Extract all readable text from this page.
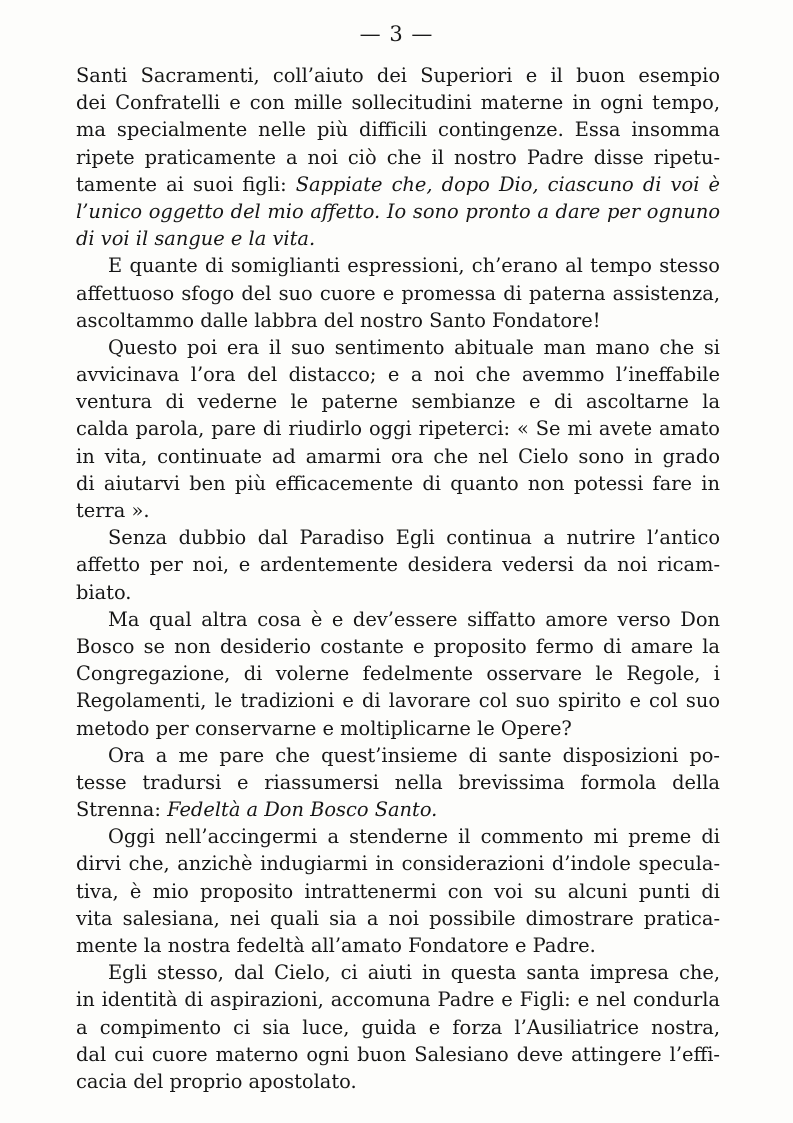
— 3 —
Santi Sacramenti, coll’aiuto dei Superiori e il buon esempio
dei Confratelli e con mille sollecitudini materne in ogni tempo,
ma specialmente nelle più difficili contingenze. Essa insomma
ripete praticamente a noi ciò che il nostro Padre disse ripetu-
tamente ai suoi figli: Sappiate che, dopo Dio, ciascuno di voi è
l’unico oggetto del mio affetto. Io sono pronto a dare per ognuno
di voi il sangue e la vita.
E quante di somiglianti espressioni, ch’erano al tempo stesso
affettuoso sfogo del suo cuore e promessa di paterna assistenza,
ascoltammo dalle labbra del nostro Santo Fondatore!
Questo poi era il suo sentimento abituale man mano che si
avvicinava l’ora del distacco; e a noi che avemmo l’ineffabile
ventura di vederne le paterne sembianze e di ascoltarne la
calda parola, pare di riudirlo oggi ripeterci: « Se mi avete amato
in vita, continuate ad amarmi ora che nel Cielo sono in grado
di aiutarvi ben più efficacemente di quanto non potessi fare in
terra ».
Senza dubbio dal Paradiso Egli continua a nutrire l’antico
affetto per noi, e ardentemente desidera vedersi da noi ricam-
biato.
Ma qual altra cosa è e dev’essere siffatto amore verso Don
Bosco se non desiderio costante e proposito fermo di amare la
Congregazione, di volerne fedelmente osservare le Regole, i
Regolamenti, le tradizioni e di lavorare col suo spirito e col suo
metodo per conservarne e moltiplicarne le Opere?
Ora a me pare che quest’insieme di sante disposizioni po-
tesse tradursi e riassumersi nella brevissima formola della
Strenna: Fedeltà a Don Bosco Santo.
Oggi nell’accingermi a stenderne il commento mi preme di
dirvi che, anzichè indugiarmi in considerazioni d’indole specula-
tiva, è mio proposito intrattenermi con voi su alcuni punti di
vita salesiana, nei quali sia a noi possibile dimostrare pratica-
mente la nostra fedeltà all’amato Fondatore e Padre.
Egli stesso, dal Cielo, ci aiuti in questa santa impresa che,
in identità di aspirazioni, accomuna Padre e Figli: e nel condurla
a compimento ci sia luce, guida e forza l’Ausiliatrice nostra,
dal cui cuore materno ogni buon Salesiano deve attingere l’effi-
cacia del proprio apostolato.
